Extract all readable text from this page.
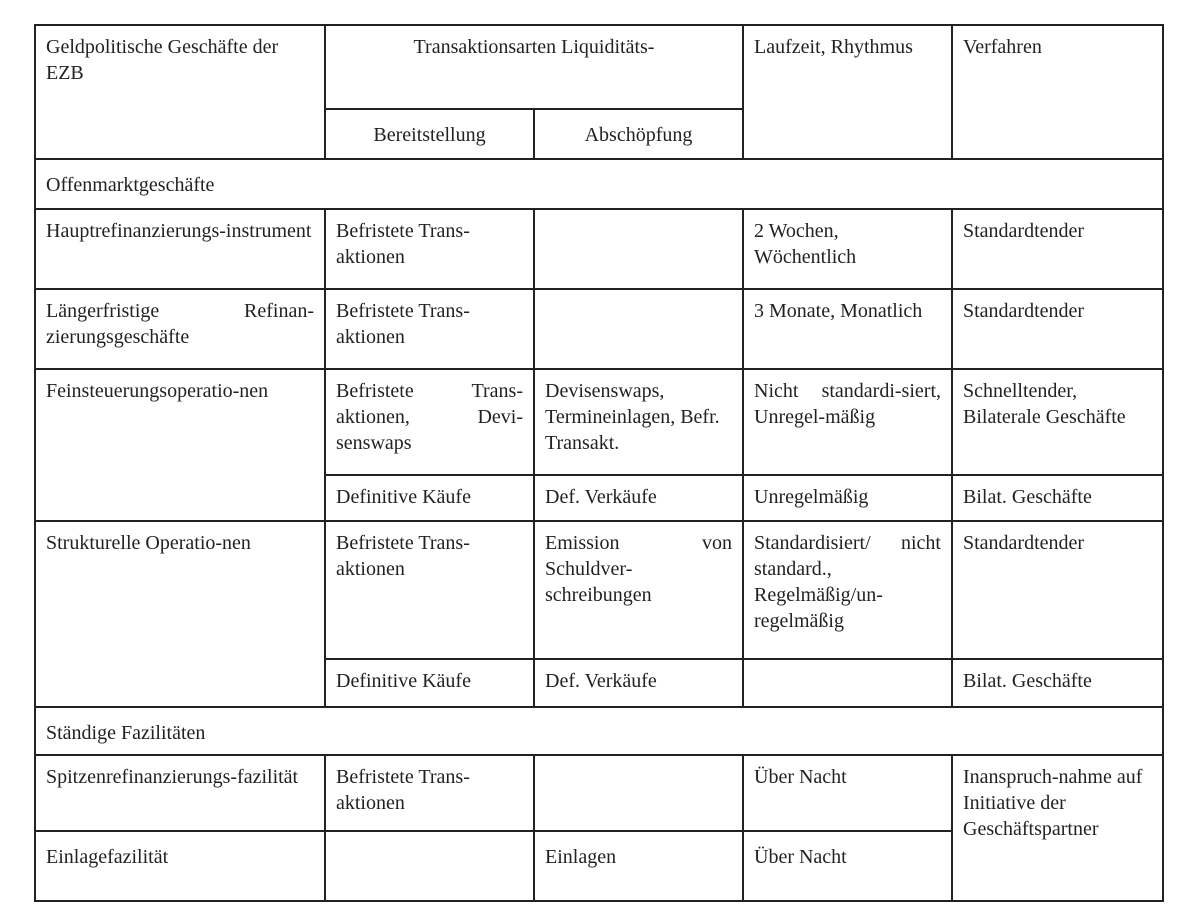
Geldpolitische Geschäfte der EZB	Transaktionsarten Liquiditäts-		Laufzeit, Rhythmus	Verfahren
	Bereitstellung	Abschöpfung		
Offenmarktgeschäfte				
Hauptrefinanzierungs-instrument	Befristete Trans-aktionen		2 Wochen, Wöchentlich	Standardtender
Längerfristige Refinan-zierungsgeschäfte	Befristete Trans-aktionen		3 Monate, Monatlich	Standardtender
Feinsteuerungsoperatio-nen	Befristete Trans-aktionen, Devi-senswaps	Devisenswaps, Termineinlagen, Befr. Transakt.	Nicht standardi-siert, Unregel-mäßig	Schnelltender, Bilaterale Geschäfte
	Definitive Käufe	Def. Verkäufe	Unregelmäßig	Bilat. Geschäfte
Strukturelle Operatio-nen	Befristete Trans-aktionen	Emission von Schuldver-schreibungen	Standardisiert/ nicht standard., Regelmäßig/un-regelmäßig	Standardtender
	Definitive Käufe	Def. Verkäufe		Bilat. Geschäfte
Ständige Fazilitäten				
Spitzenrefinanzierungs-fazilität	Befristete Trans-aktionen		Über Nacht	Inanspruch-nahme auf Initiative der Geschäftspartner
Einlagefazilität		Einlagen	Über Nacht	
